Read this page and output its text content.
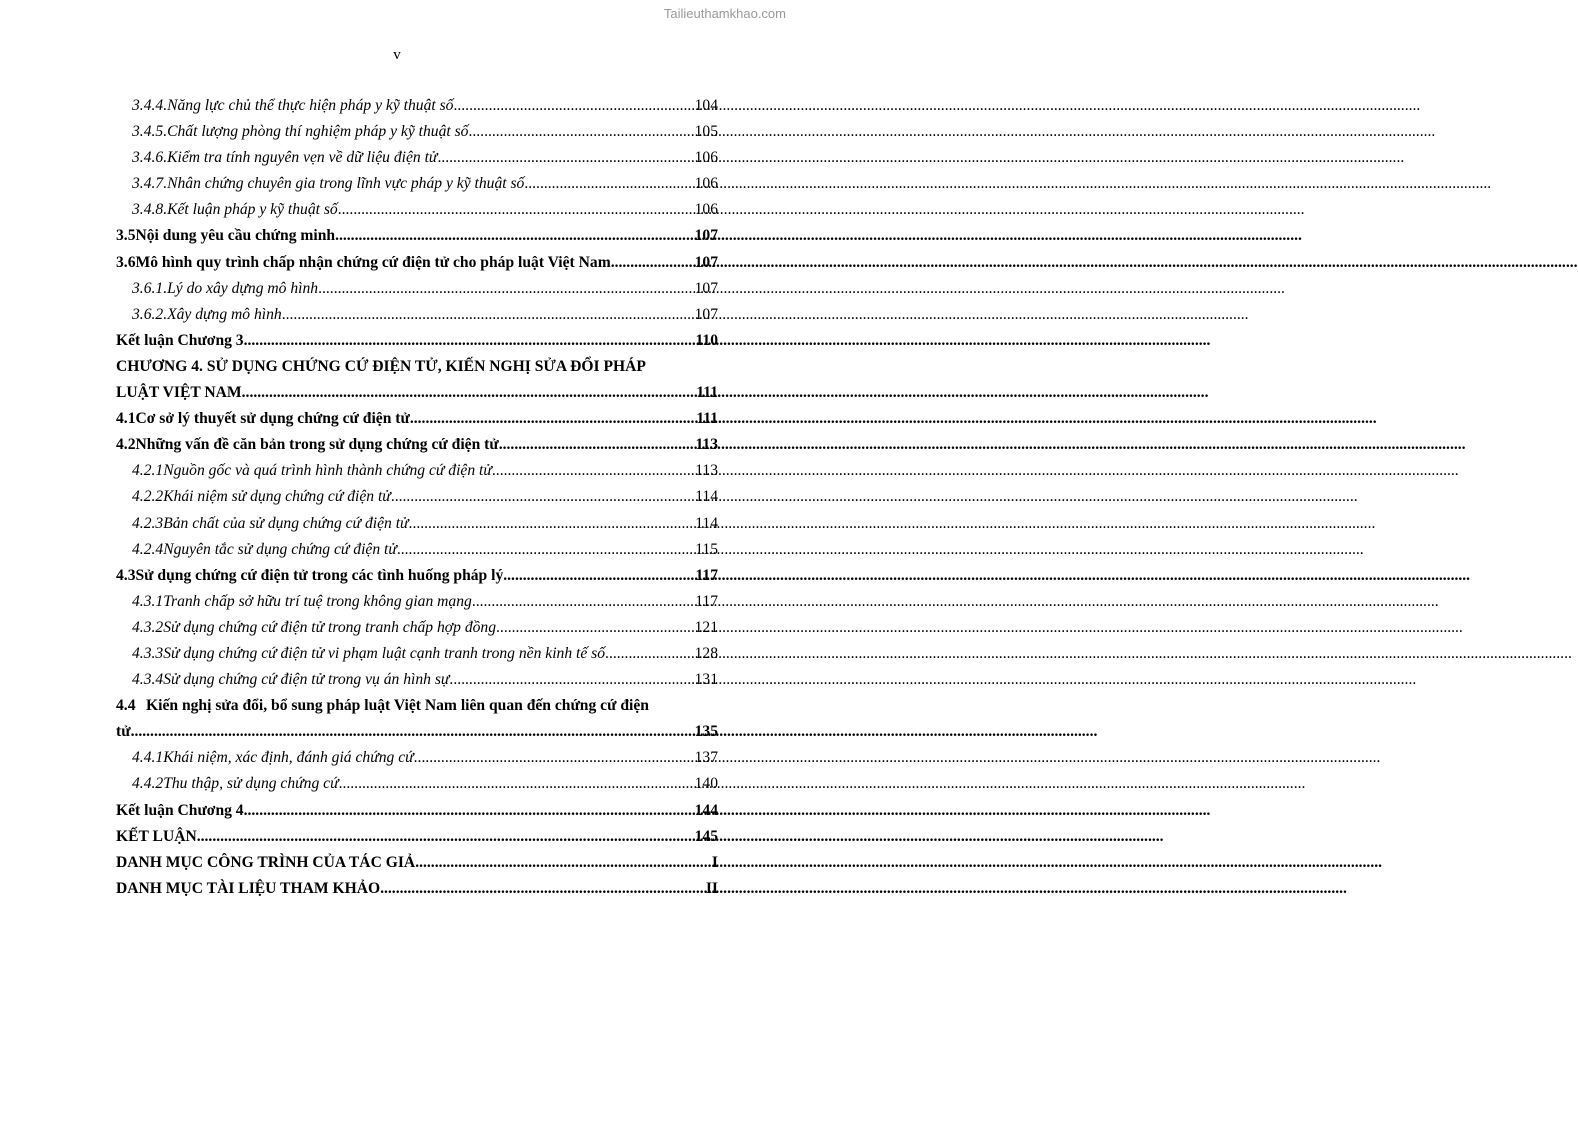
Tailieuthamkhao.com
v
3.4.4. Năng lực chủ thể thực hiện pháp y kỹ thuật số .....	104
3.4.5. Chất lượng phòng thí nghiệm pháp y kỹ thuật số .....	105
3.4.6. Kiểm tra tính nguyên vẹn về dữ liệu điện tử .....	106
3.4.7. Nhân chứng chuyên gia trong lĩnh vực pháp y kỹ thuật số .....	106
3.4.8. Kết luận pháp y kỹ thuật số .....	106
3.5 Nội dung yêu cầu chứng minh .....	107
3.6 Mô hình quy trình chấp nhận chứng cứ điện tử cho pháp luật Việt Nam .....	107
3.6.1. Lý do xây dựng mô hình .....	107
3.6.2. Xây dựng mô hình .....	107
Kết luận Chương 3 .....	110
CHƯƠNG 4. SỬ DỤNG CHỨNG CỨ ĐIỆN TỬ, KIẾN NGHỊ SỬA ĐỔI PHÁP
LUẬT VIỆT NAM .....	111
4.1 Cơ sở lý thuyết sử dụng chứng cứ điện tử .....	111
4.2 Những vấn đề căn bản trong sử dụng chứng cứ điện tử .....	113
4.2.1 Nguồn gốc và quá trình hình thành chứng cứ điện tử .....	113
4.2.2 Khái niệm sử dụng chứng cứ điện tử .....	114
4.2.3 Bản chất của sử dụng chứng cứ điện tử .....	114
4.2.4 Nguyên tắc sử dụng chứng cứ điện tử .....	115
4.3 Sử dụng chứng cứ điện tử trong các tình huống pháp lý .....	117
4.3.1 Tranh chấp sở hữu trí tuệ trong không gian mạng .....	117
4.3.2 Sử dụng chứng cứ điện tử trong tranh chấp hợp đồng .....	121
4.3.3 Sử dụng chứng cứ điện tử vi phạm luật cạnh tranh trong nền kinh tế số .....	128
4.3.4 Sử dụng chứng cứ điện tử trong vụ án hình sự .....	131
4.4 Kiến nghị sửa đổi, bổ sung pháp luật Việt Nam liên quan đến chứng cứ điện
tử .....	135
4.4.1 Khái niệm, xác định, đánh giá chứng cứ .....	137
4.4.2 Thu thập, sử dụng chứng cứ .....	140
Kết luận Chương 4 .....	144
KẾT LUẬN .....	145
DANH MỤC CÔNG TRÌNH CỦA TÁC GIẢ .....	I
DANH MỤC TÀI LIỆU THAM KHẢO .....	II
